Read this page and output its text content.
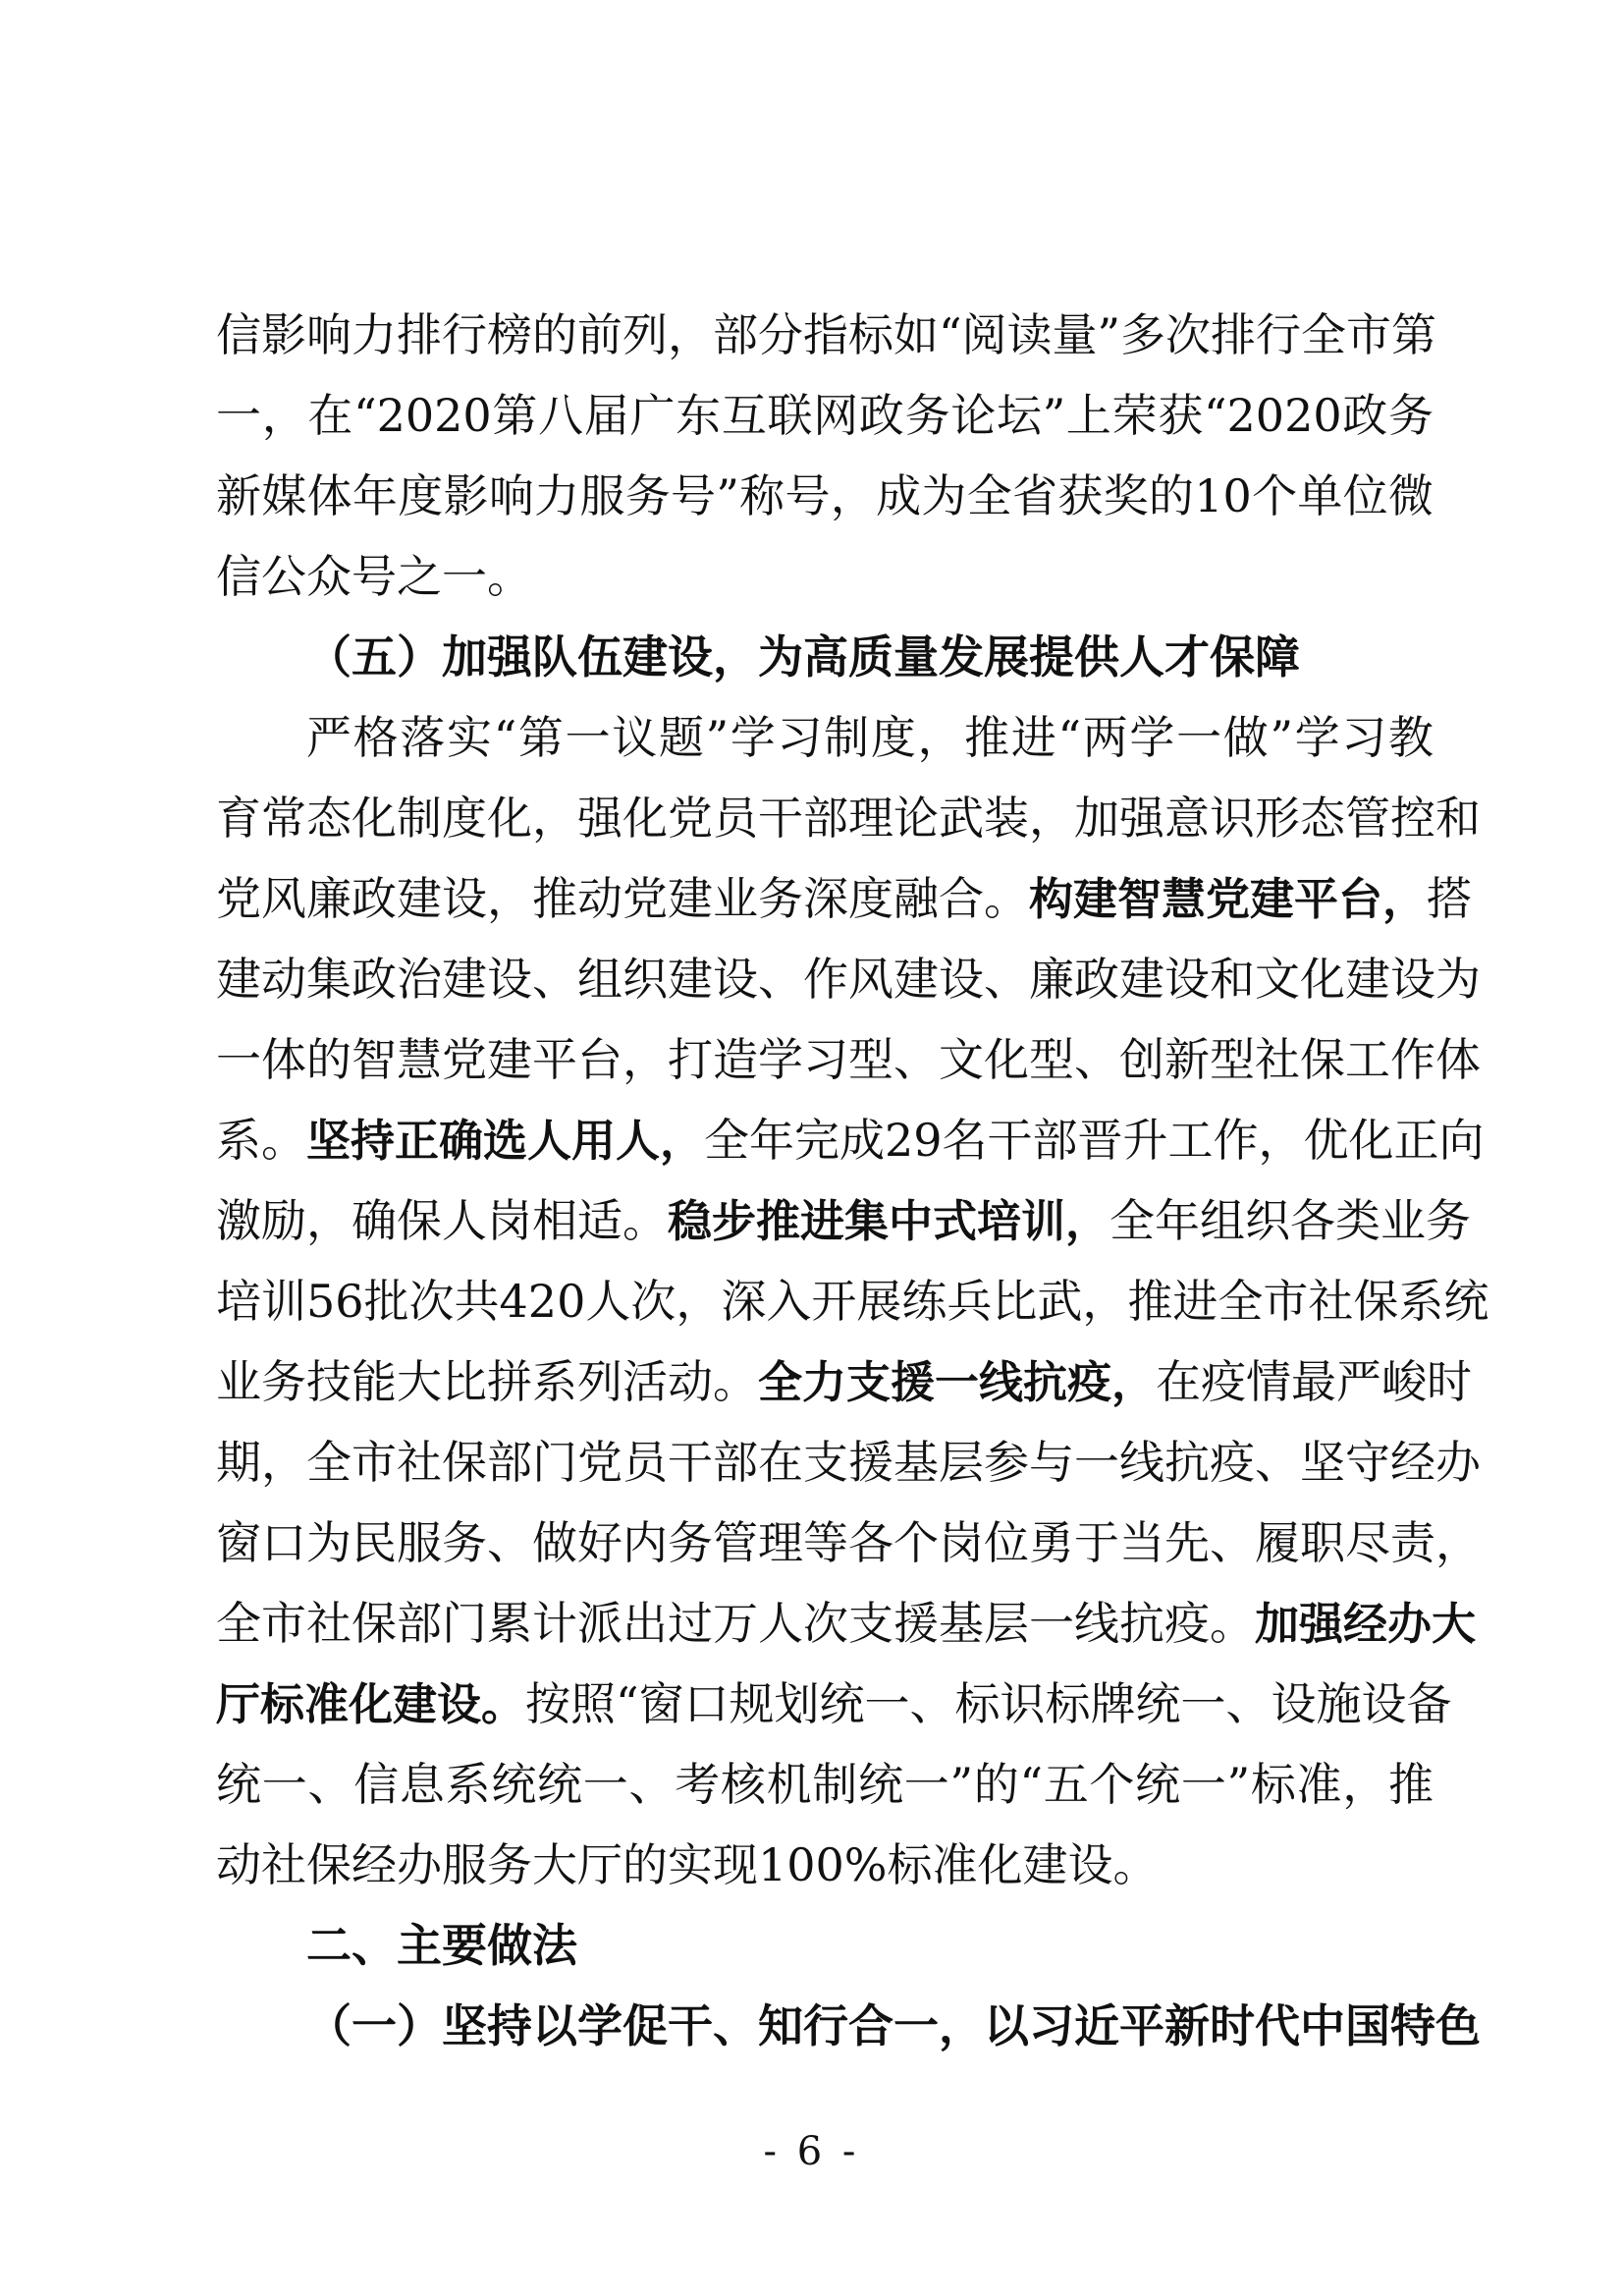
信影响力排行榜的前列，部分指标如“阅读量”多次排行全市第
一，在“2020第八届广东互联网政务论坛”上荣获“2020政务
新媒体年度影响力服务号”称号，成为全省获奖的10个单位微
信公众号之一。
（五）加强队伍建设，为高质量发展提供人才保障
严格落实“第一议题”学习制度，推进“两学一做”学习教
育常态化制度化，强化党员干部理论武装，加强意识形态管控和
党风廉政建设，推动党建业务深度融合。构建智慧党建平台，搭
建动集政治建设、组织建设、作风建设、廉政建设和文化建设为
一体的智慧党建平台，打造学习型、文化型、创新型社保工作体
系。坚持正确选人用人，全年完成29名干部晋升工作，优化正向
激励，确保人岗相适。稳步推进集中式培训，全年组织各类业务
培训56批次共420人次，深入开展练兵比武，推进全市社保系统
业务技能大比拼系列活动。全力支援一线抗疫，在疫情最严峻时
期，全市社保部门党员干部在支援基层参与一线抗疫、坚守经办
窗口为民服务、做好内务管理等各个岗位勇于当先、履职尽责，
全市社保部门累计派出过万人次支援基层一线抗疫。加强经办大
厅标准化建设。按照“窗口规划统一、标识标牌统一、设施设备
统一、信息系统统一、考核机制统一”的“五个统一”标准，推
动社保经办服务大厅的实现100%标准化建设。
二、主要做法
（一）坚持以学促干、知行合一，以习近平新时代中国特色
- 6 -
